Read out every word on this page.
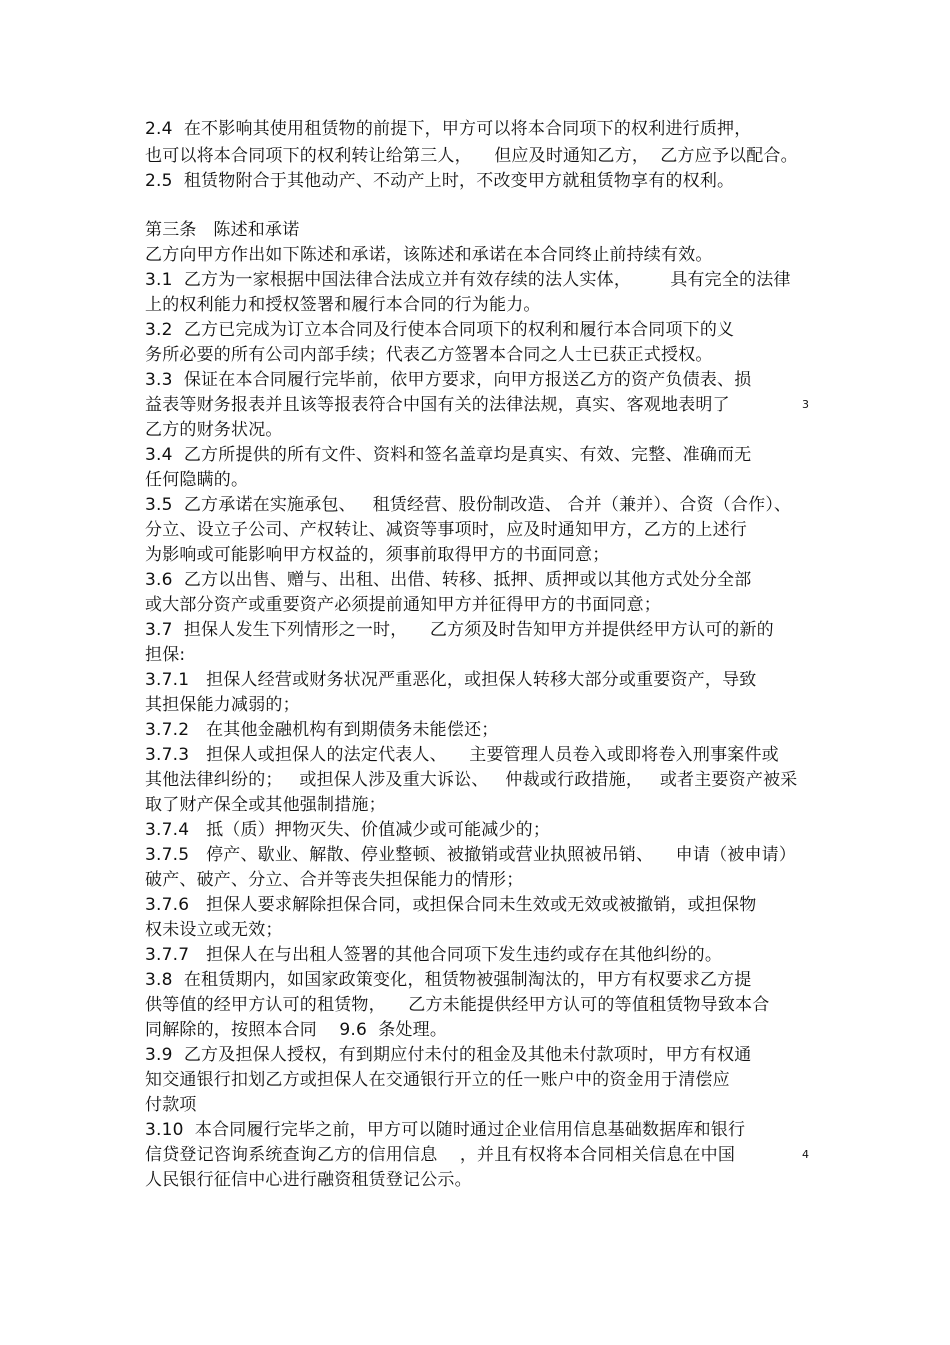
2.4  在不影响其使用租赁物的前提下，甲方可以将本合同项下的权利进行质押，
也可以将本合同项下的权利转让给第三人，    但应及时通知乙方，  乙方应予以配合。
2.5  租赁物附合于其他动产、不动产上时，不改变甲方就租赁物享有的权利。
第三条   陈述和承诺
乙方向甲方作出如下陈述和承诺，该陈述和承诺在本合同终止前持续有效。
3.1  乙方为一家根据中国法律合法成立并有效存续的法人实体，       具有完全的法律
上的权利能力和授权签署和履行本合同的行为能力。
3.2  乙方已完成为订立本合同及行使本合同项下的权利和履行本合同项下的义
务所必要的所有公司内部手续；代表乙方签署本合同之人士已获正式授权。
3.3  保证在本合同履行完毕前，依甲方要求，向甲方报送乙方的资产负债表、损
益表等财务报表并且该等报表符合中国有关的法律法规，真实、客观地表明了
乙方的财务状况。
3.4  乙方所提供的所有文件、资料和签名盖章均是真实、有效、完整、准确而无
任何隐瞒的。
3.5  乙方承诺在实施承包、   租赁经营、股份制改造、 合并（兼并）、合资（合作）、
分立、设立子公司、产权转让、减资等事项时，应及时通知甲方，乙方的上述行
为影响或可能影响甲方权益的，须事前取得甲方的书面同意；
3.6  乙方以出售、赠与、出租、出借、转移、抵押、质押或以其他方式处分全部
或大部分资产或重要资产必须提前通知甲方并征得甲方的书面同意；
3.7  担保人发生下列情形之一时，    乙方须及时告知甲方并提供经甲方认可的新的
担保:
3.7.1   担保人经营或财务状况严重恶化，或担保人转移大部分或重要资产，导致
其担保能力减弱的；
3.7.2   在其他金融机构有到期债务未能偿还；
3.7.3   担保人或担保人的法定代表人、    主要管理人员卷入或即将卷入刑事案件或
其他法律纠纷的；   或担保人涉及重大诉讼、   仲裁或行政措施，   或者主要资产被采
取了财产保全或其他强制措施；
3.7.4   抵（质）押物灭失、价值减少或可能减少的；
3.7.5   停产、歇业、解散、停业整顿、被撤销或营业执照被吊销、    申请（被申请）
破产、破产、分立、合并等丧失担保能力的情形；
3.7.6   担保人要求解除担保合同，或担保合同未生效或无效或被撤销，或担保物
权未设立或无效；
3.7.7   担保人在与出租人签署的其他合同项下发生违约或存在其他纠纷的。
3.8  在租赁期内，如国家政策变化，租赁物被强制淘汰的，甲方有权要求乙方提
供等值的经甲方认可的租赁物，    乙方未能提供经甲方认可的等值租赁物导致本合
同解除的，按照本合同    9.6  条处理。
3.9  乙方及担保人授权，有到期应付未付的租金及其他未付款项时，甲方有权通
知交通银行扣划乙方或担保人在交通银行开立的任一账户中的资金用于清偿应
付款项
3.10  本合同履行完毕之前，甲方可以随时通过企业信用信息基础数据库和银行
信贷登记咨询系统查询乙方的信用信息    ，并且有权将本合同相关信息在中国
人民银行征信中心进行融资租赁登记公示。
3
4
